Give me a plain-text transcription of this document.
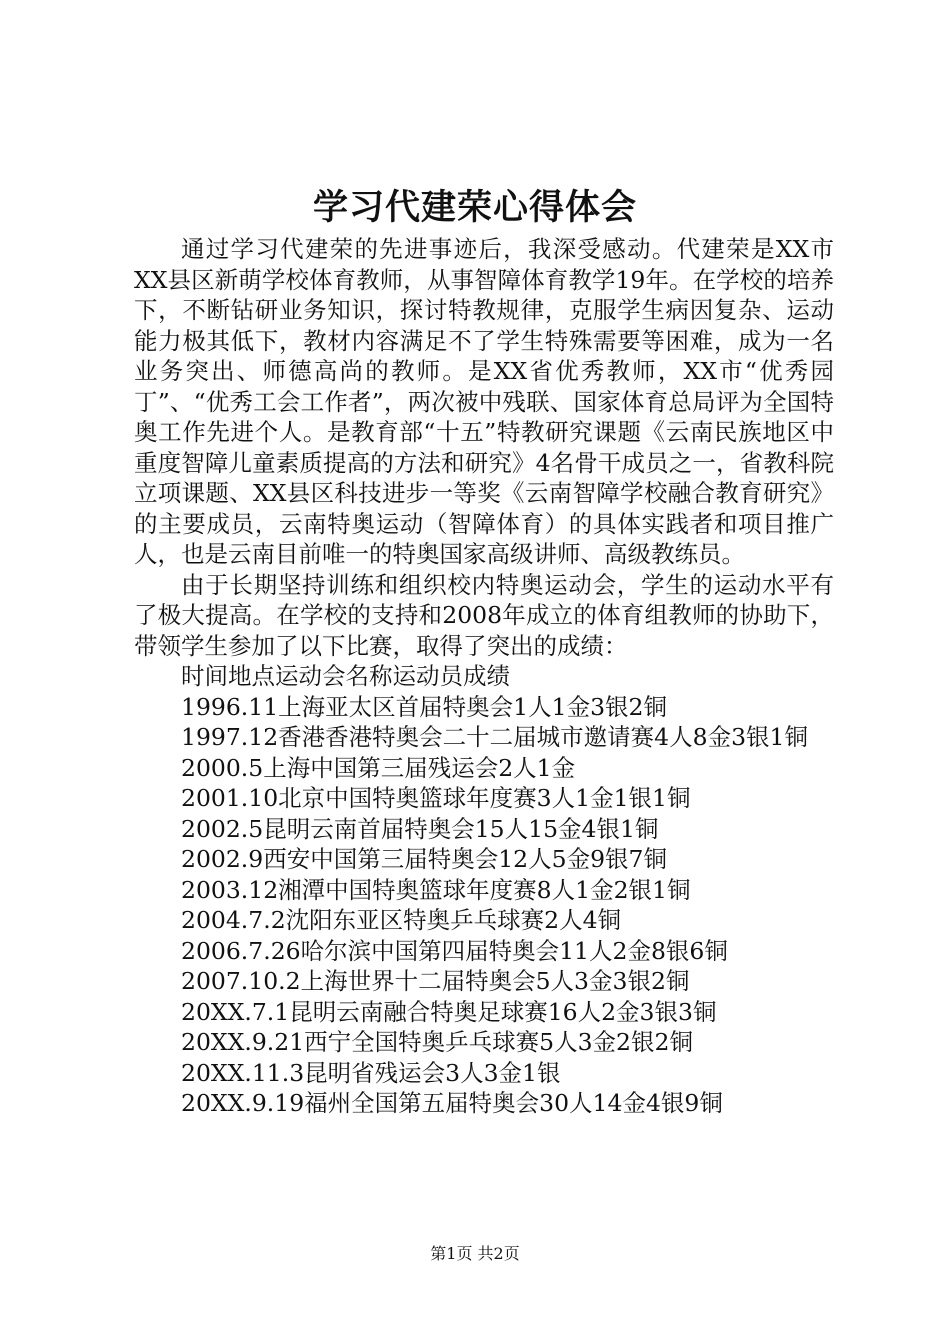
学习代建荣心得体会

通过学习代建荣的先进事迹后，我深受感动。代建荣是XX市XX县区新萌学校体育教师，从事智障体育教学19年。在学校的培养下，不断钻研业务知识，探讨特教规律，克服学生病因复杂、运动能力极其低下，教材内容满足不了学生特殊需要等困难，成为一名业务突出、师德高尚的教师。是XX省优秀教师，XX市“优秀园丁”、“优秀工会工作者”，两次被中残联、国家体育总局评为全国特奥工作先进个人。是教育部“十五”特教研究课题《云南民族地区中重度智障儿童素质提高的方法和研究》4名骨干成员之一，省教科院立项课题、XX县区科技进步一等奖《云南智障学校融合教育研究》的主要成员，云南特奥运动（智障体育）的具体实践者和项目推广人，也是云南目前唯一的特奥国家高级讲师、高级教练员。

由于长期坚持训练和组织校内特奥运动会，学生的运动水平有了极大提高。在学校的支持和2008年成立的体育组教师的协助下，带领学生参加了以下比赛，取得了突出的成绩：

时间地点运动会名称运动员成绩

1996.11上海亚太区首届特奥会1人1金3银2铜

1997.12香港香港特奥会二十二届城市邀请赛4人8金3银1铜

2000.5上海中国第三届残运会2人1金

2001.10北京中国特奥篮球年度赛3人1金1银1铜

2002.5昆明云南首届特奥会15人15金4银1铜

2002.9西安中国第三届特奥会12人5金9银7铜

2003.12湘潭中国特奥篮球年度赛8人1金2银1铜

2004.7.2沈阳东亚区特奥乒乓球赛2人4铜

2006.7.26哈尔滨中国第四届特奥会11人2金8银6铜

2007.10.2上海世界十二届特奥会5人3金3银2铜

20XX.7.1昆明云南融合特奥足球赛16人2金3银3铜

20XX.9.21西宁全国特奥乒乓球赛5人3金2银2铜

20XX.11.3昆明省残运会3人3金1银

20XX.9.19福州全国第五届特奥会30人14金4银9铜

第1页 共2页
